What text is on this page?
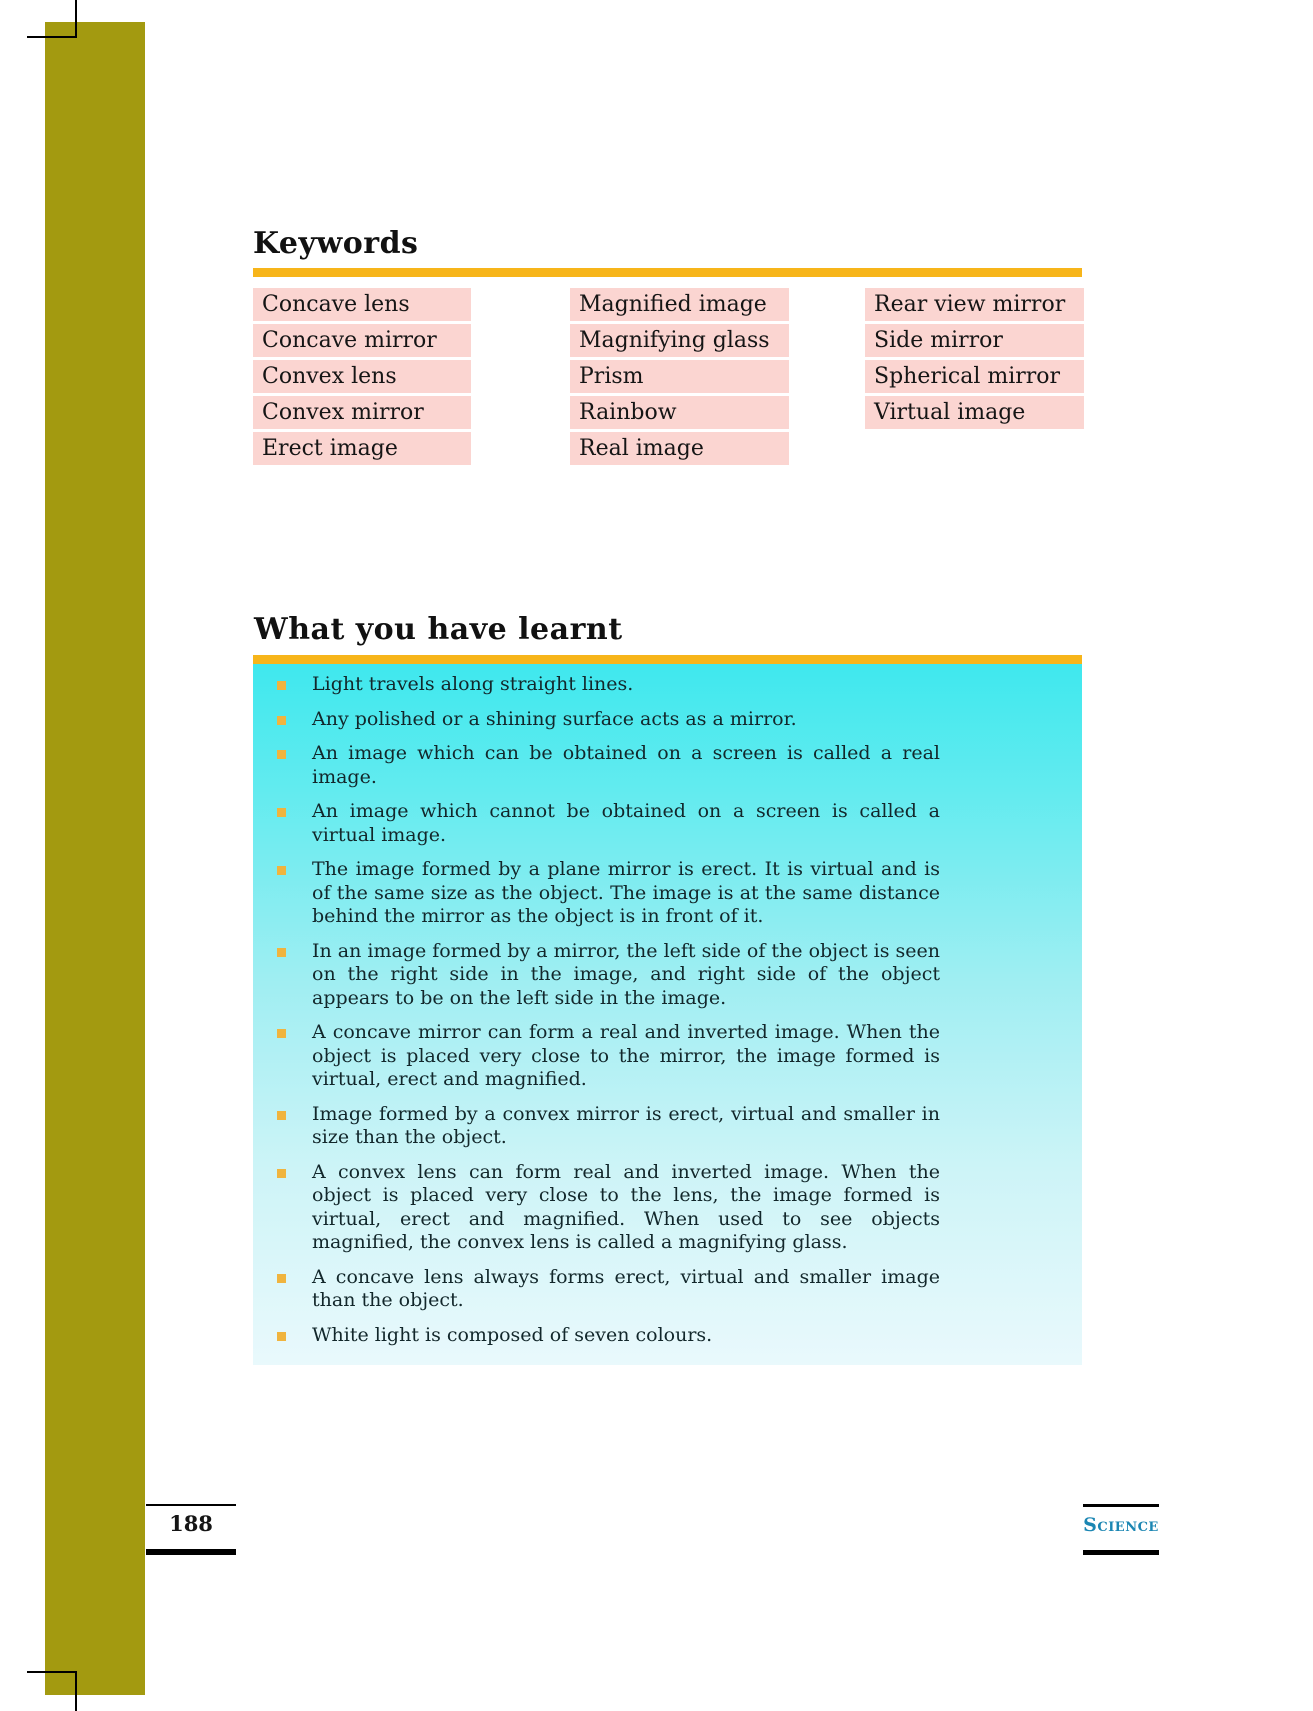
Keywords
Concave lens
Concave mirror
Convex lens
Convex mirror
Erect image
Magnified image
Magnifying glass
Prism
Rainbow
Real image
Rear view mirror
Side mirror
Spherical mirror
Virtual image
What you have learnt
Light travels along straight lines.
Any polished or a shining surface acts as a mirror.
An image which can be obtained on a screen is called a real image.
An image which cannot be obtained on a screen is called a virtual image.
The image formed by a plane mirror is erect. It is virtual and is of the same size as the object. The image is at the same distance behind the mirror as the object is in front of it.
In an image formed by a mirror, the left side of the object is seen on the right side in the image, and right side of the object appears to be on the left side in the image.
A concave mirror can form a real and inverted image. When the object is placed very close to the mirror, the image formed is virtual, erect and magnified.
Image formed by a convex mirror is erect, virtual and smaller in size than the object.
A convex lens can form real and inverted image. When the object is placed very close to the lens, the image formed is virtual, erect and magnified. When used to see objects magnified, the convex lens is called a magnifying glass.
A concave lens always forms erect, virtual and smaller image than the object.
White light is composed of seven colours.
188	Science
